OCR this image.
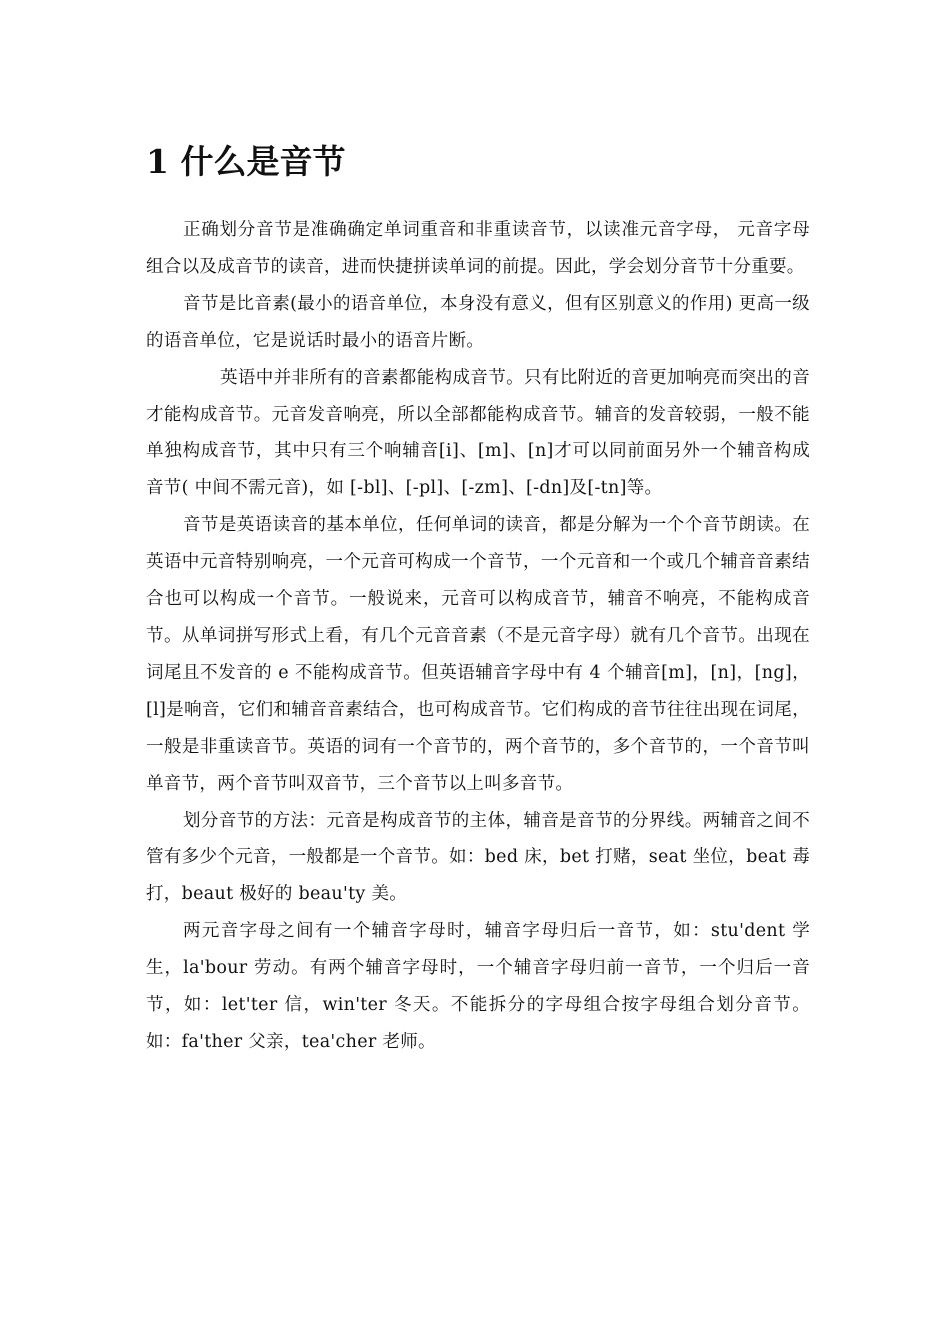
1 什么是音节

正确划分音节是准确确定单词重音和非重读音节，以读准元音字母， 元音字母组合以及成音节的读音，进而快捷拼读单词的前提。因此，学会划分音节十分重要。

音节是比音素(最小的语音单位，本身没有意义，但有区别意义的作用) 更高一级的语音单位，它是说话时最小的语音片断。

英语中并非所有的音素都能构成音节。只有比附近的音更加响亮而突出的音才能构成音节。元音发音响亮，所以全部都能构成音节。辅音的发音较弱，一般不能单独构成音节，其中只有三个响辅音[i]、[m]、[n]才可以同前面另外一个辅音构成音节( 中间不需元音)，如 [-bl]、[-pl]、[-zm]、[-dn]及[-tn]等。

音节是英语读音的基本单位，任何单词的读音，都是分解为一个个音节朗读。在英语中元音特别响亮，一个元音可构成一个音节，一个元音和一个或几个辅音音素结合也可以构成一个音节。一般说来，元音可以构成音节，辅音不响亮，不能构成音节。从单词拼写形式上看，有几个元音音素（不是元音字母）就有几个音节。出现在词尾且不发音的 e 不能构成音节。但英语辅音字母中有 4 个辅音[m]，[n]，[ng]，[l]是响音，它们和辅音音素结合，也可构成音节。它们构成的音节往往出现在词尾，一般是非重读音节。英语的词有一个音节的，两个音节的，多个音节的，一个音节叫单音节，两个音节叫双音节，三个音节以上叫多音节。

划分音节的方法：元音是构成音节的主体，辅音是音节的分界线。两辅音之间不管有多少个元音，一般都是一个音节。如：bed 床，bet 打赌，seat 坐位，beat 毒打，beaut 极好的 beau'ty 美。

两元音字母之间有一个辅音字母时，辅音字母归后一音节，如：stu'dent 学生，la'bour 劳动。有两个辅音字母时，一个辅音字母归前一音节，一个归后一音节，如：let'ter 信，win'ter 冬天。不能拆分的字母组合按字母组合划分音节。如：fa'ther 父亲，tea'cher 老师。
